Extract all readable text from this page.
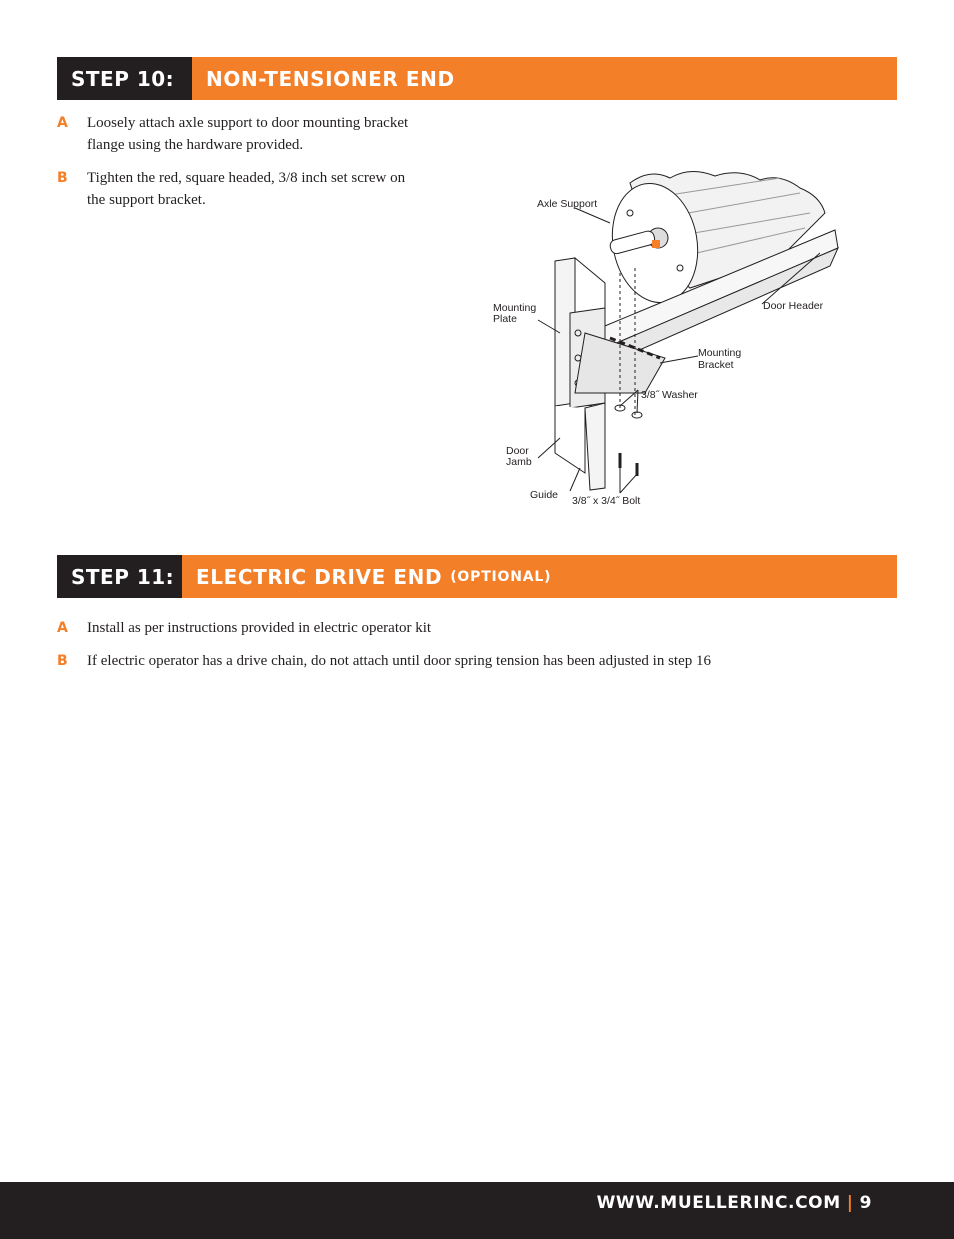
STEP 10:	NON-TENSIONER END
A	Loosely attach axle support to door mounting bracket flange using the hardware provided.
B	Tighten the red, square headed, 3/8 inch set screw on the support bracket.	Axle Support
Mounting
Plate
Door Header
Mounting
Bracket
3/8˝ Washer
Door
Jamb
Guide 3/8˝ x 3/4˝ Bolt
STEP 11:	ELECTRIC DRIVE END (OPTIONAL)
A	Install as per instructions provided in electric operator kit
B	If electric operator has a drive chain, do not attach until door spring tension has been adjusted in step 16
WWW.MUELLERINC.COM | 9
